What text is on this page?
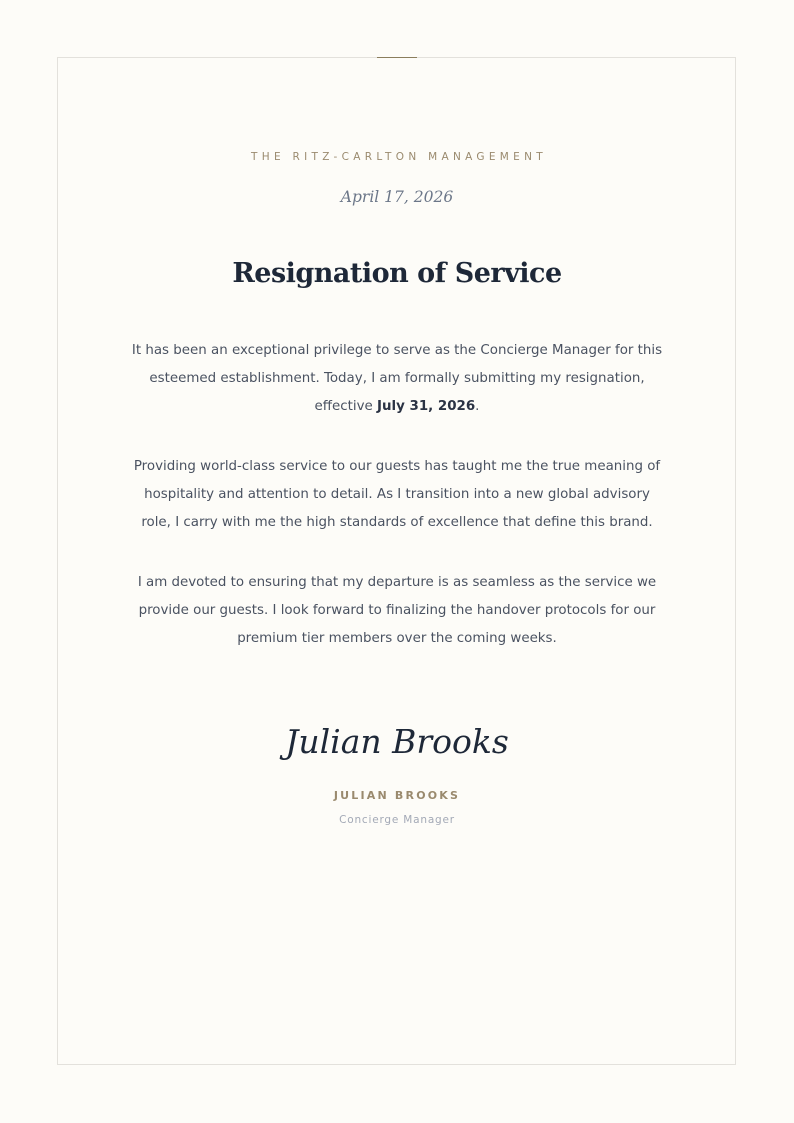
THE RITZ-CARLTON MANAGEMENT
April 17, 2026
Resignation of Service

It has been an exceptional privilege to serve as the Concierge Manager for this esteemed establishment. Today, I am formally submitting my resignation, effective July 31, 2026.

Providing world-class service to our guests has taught me the true meaning of hospitality and attention to detail. As I transition into a new global advisory role, I carry with me the high standards of excellence that define this brand.

I am devoted to ensuring that my departure is as seamless as the service we provide our guests. I look forward to finalizing the handover protocols for our premium tier members over the coming weeks.

Julian Brooks
JULIAN BROOKS
Concierge Manager
